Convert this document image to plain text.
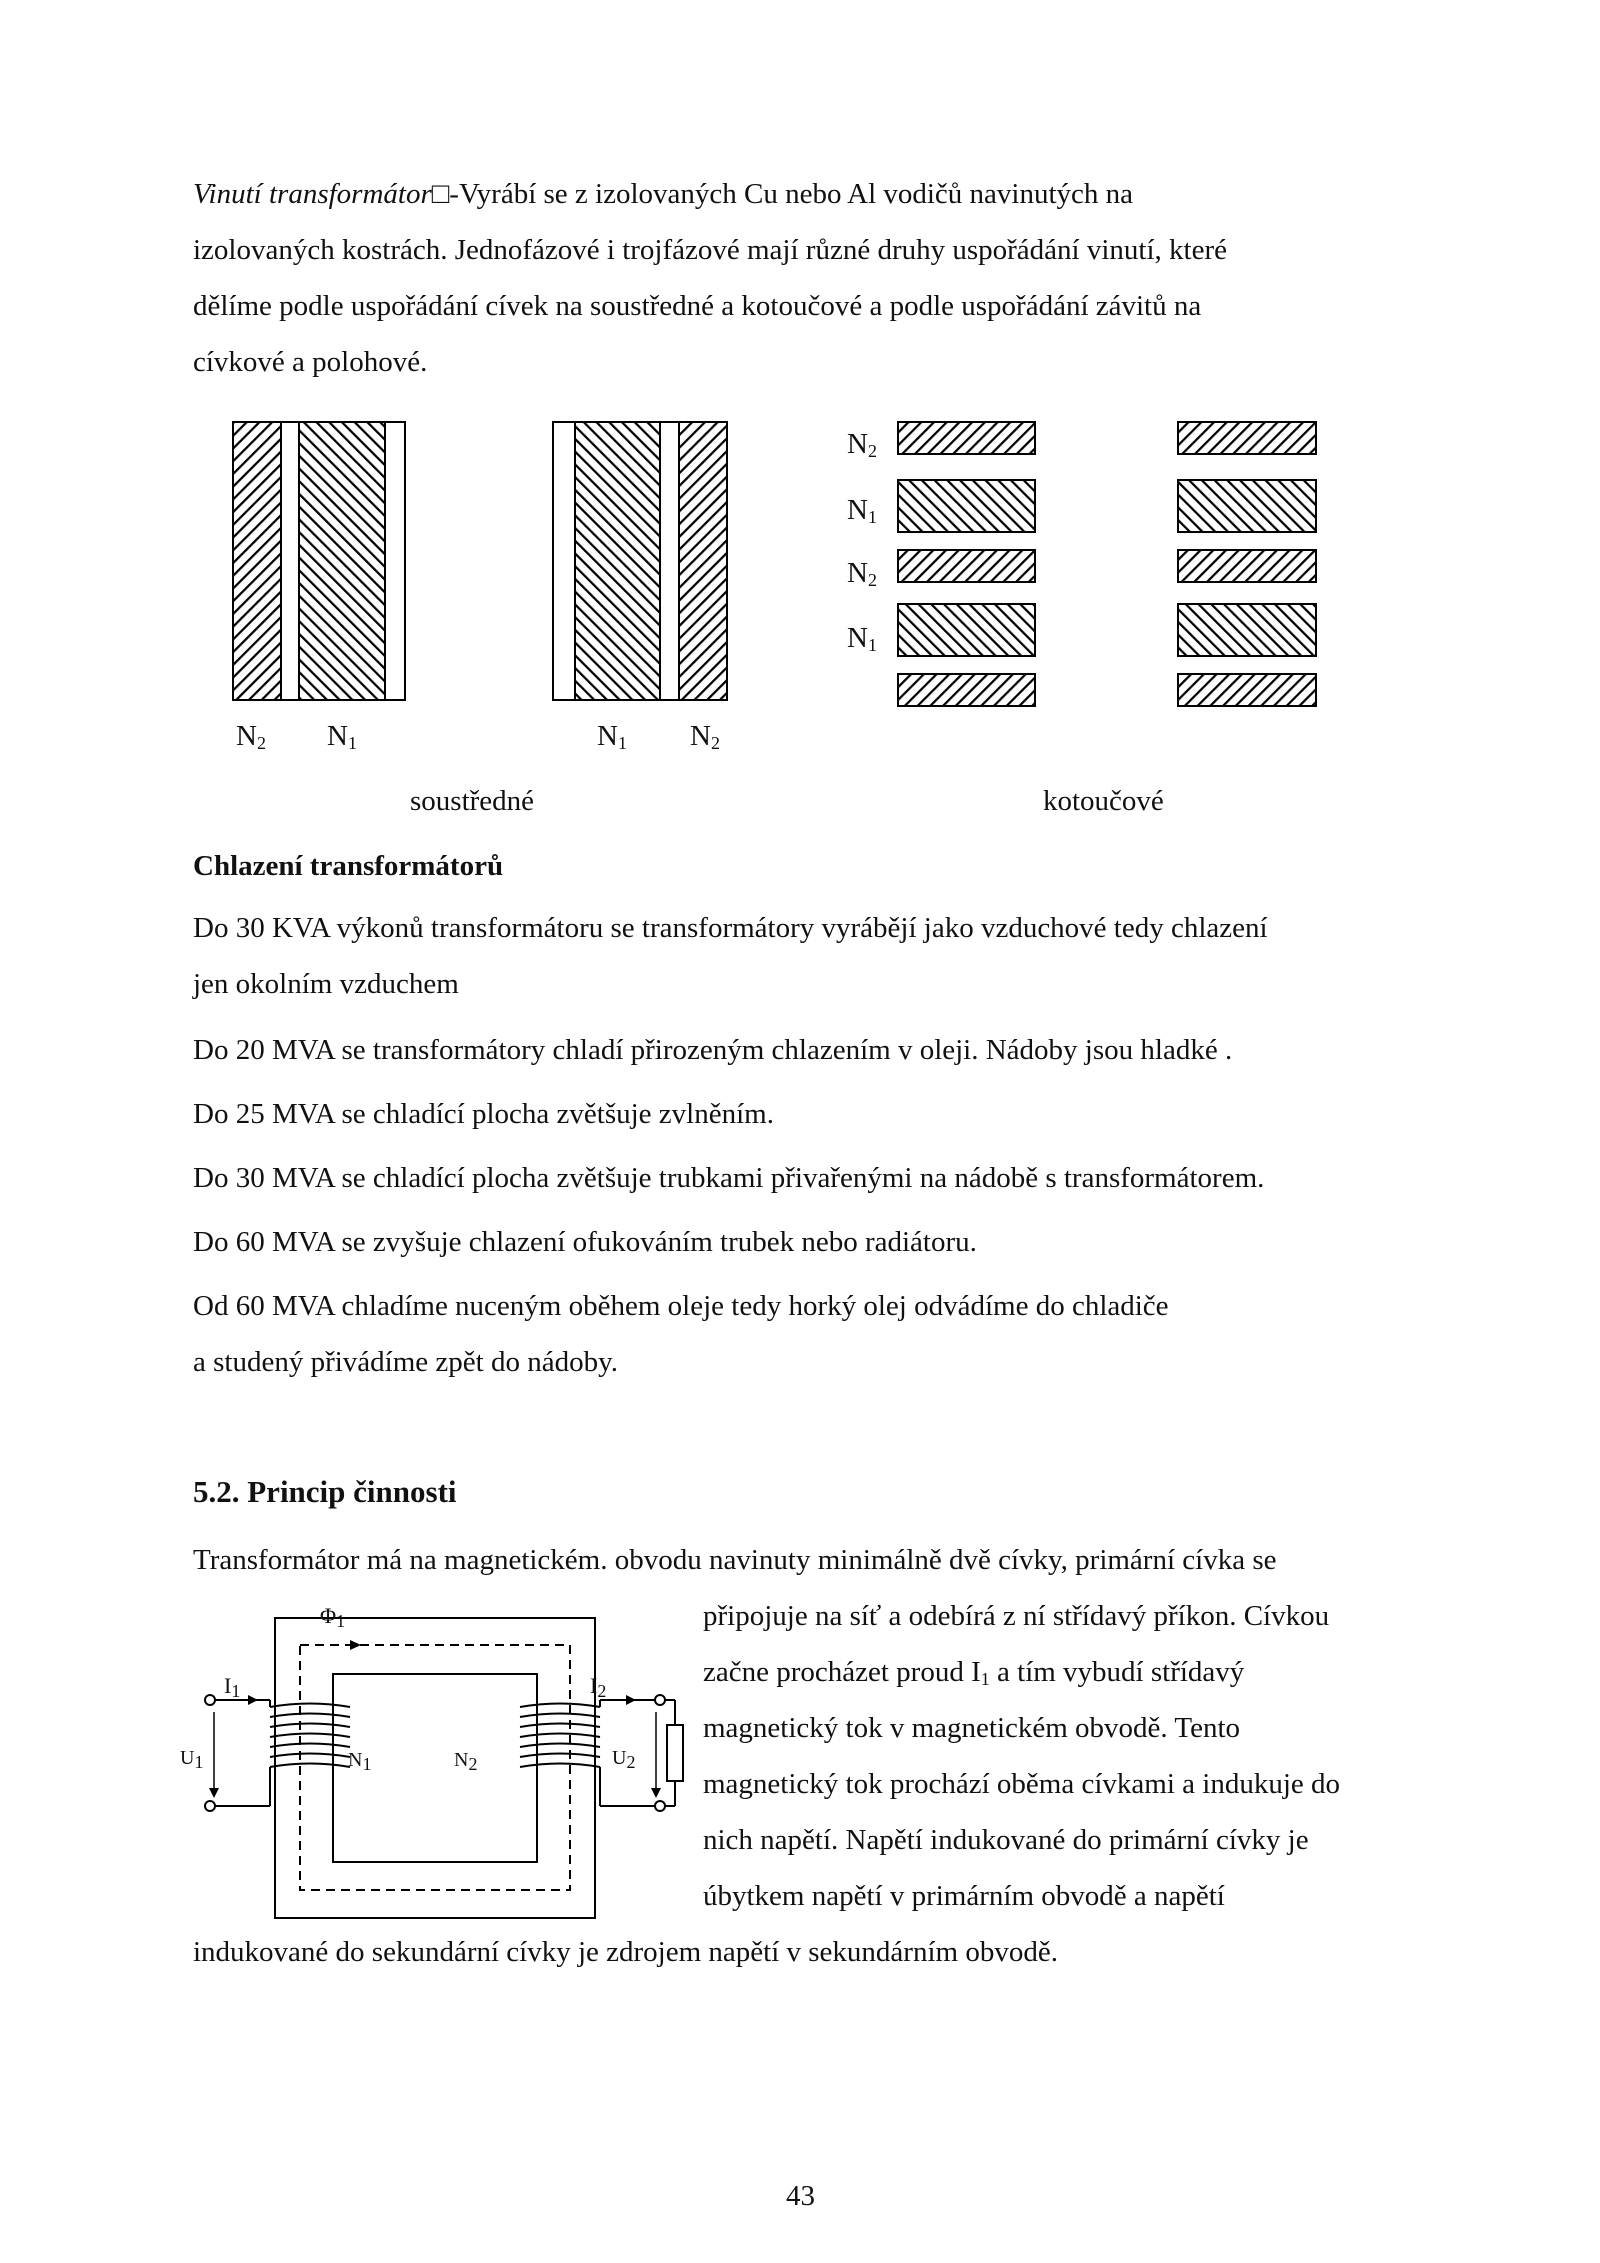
Vinutí transformátor□-Vyrábí se z izolovaných Cu nebo Al vodičů navinutých na
izolovaných kostrách. Jednofázové i trojfázové mají různé druhy uspořádání vinutí, které
dělíme podle uspořádání cívek na soustředné a kotoučové a podle uspořádání závitů na
cívkové a polohové.
$N_2$ $N_1$	$N_1$ $N_2$
$N_2$
$N_1$
$N_2$
$N_1$
soustředné	kotoučové
Chlazení transformátorů
Do 30 KVA výkonů transformátoru se transformátory vyrábějí jako vzduchové tedy chlazení
jen okolním vzduchem
Do 20 MVA se transformátory chladí přirozeným chlazením v oleji. Nádoby jsou hladké .
Do 25 MVA se chladící plocha zvětšuje zvlněním.
Do 30 MVA se chladící plocha zvětšuje trubkami přivařenými na nádobě s transformátorem.
Do 60 MVA se zvyšuje chlazení ofukováním trubek nebo radiátoru.
Od 60 MVA chladíme nuceným oběhem oleje tedy horký olej odvádíme do chladiče
a studený přivádíme zpět do nádoby.
5.2. Princip činnosti
Transformátor má na magnetickém. obvodu navinuty minimálně dvě cívky, primární cívka se
připojuje na síť a odebírá z ní střídavý příkon. Cívkou
začne procházet proud $I_1$ a tím vybudí střídavý
magnetický tok v magnetickém obvodě. Tento
magnetický tok prochází oběma cívkami a indukuje do
nich napětí. Napětí indukované do primární cívky je
úbytkem napětí v primárním obvodě a napětí
indukované do sekundární cívky je zdrojem napětí v sekundárním obvodě.
$\Phi_1$
$I_1$	$I_2$
$U_1$	$U_2$
$N_1$	$N_2$
43
